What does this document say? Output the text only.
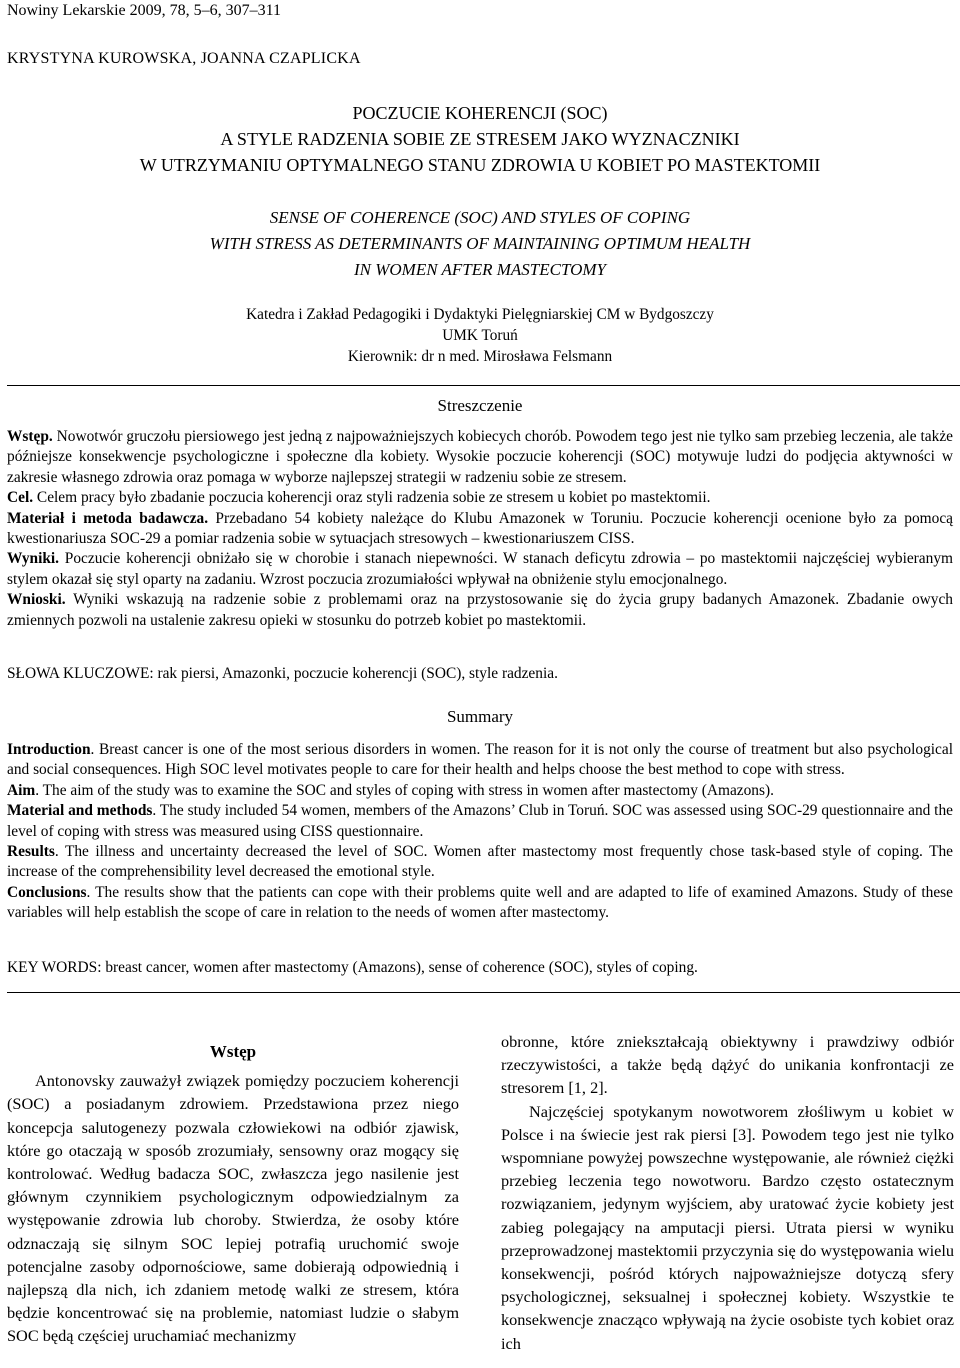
Nowiny Lekarskie 2009, 78, 5–6, 307–311
KRYSTYNA KUROWSKA, JOANNA CZAPLICKA
POCZUCIE KOHERENCJI (SOC)
A STYLE RADZENIA SOBIE ZE STRESEM JAKO WYZNACZNIKI
W UTRZYMANIU OPTYMALNEGO STANU ZDROWIA U KOBIET PO MASTEKTOMII
SENSE OF COHERENCE (SOC) AND STYLES OF COPING
WITH STRESS AS DETERMINANTS OF MAINTAINING OPTIMUM HEALTH
IN WOMEN AFTER MASTECTOMY
Katedra i Zakład Pedagogiki i Dydaktyki Pielęgniarskiej CM w Bydgoszczy
UMK Toruń
Kierownik: dr n med. Mirosława Felsmann
Streszczenie

Wstęp. Nowotwór gruczołu piersiowego jest jedną z najpoważniejszych kobiecych chorób. Powodem tego jest nie tylko sam przebieg leczenia, ale także późniejsze konsekwencje psychologiczne i społeczne dla kobiety. Wysokie poczucie koherencji (SOC) motywuje ludzi do podjęcia aktywności w zakresie własnego zdrowia oraz pomaga w wyborze najlepszej strategii w radzeniu sobie ze stresem.

Cel. Celem pracy było zbadanie poczucia koherencji oraz styli radzenia sobie ze stresem u kobiet po mastektomii.

Materiał i metoda badawcza. Przebadano 54 kobiety należące do Klubu Amazonek w Toruniu. Poczucie koherencji ocenione było za pomocą kwestionariusza SOC-29 a pomiar radzenia sobie w sytuacjach stresowych – kwestionariuszem CISS.

Wyniki. Poczucie koherencji obniżało się w chorobie i stanach niepewności. W stanach deficytu zdrowia – po mastektomii najczęściej wybieranym stylem okazał się styl oparty na zadaniu. Wzrost poczucia zrozumiałości wpływał na obniżenie stylu emocjonalnego.

Wnioski. Wyniki wskazują na radzenie sobie z problemami oraz na przystosowanie się do życia grupy badanych Amazonek. Zbadanie owych zmiennych pozwoli na ustalenie zakresu opieki w stosunku do potrzeb kobiet po mastektomii.

SŁOWA KLUCZOWE: rak piersi, Amazonki, poczucie koherencji (SOC), style radzenia.
Summary

Introduction. Breast cancer is one of the most serious disorders in women. The reason for it is not only the course of treatment but also psychological and social consequences. High SOC level motivates people to care for their health and helps choose the best method to cope with stress.

Aim. The aim of the study was to examine the SOC and styles of coping with stress in women after mastectomy (Amazons).

Material and methods. The study included 54 women, members of the Amazons’ Club in Toruń. SOC was assessed using SOC-29 questionnaire and the level of coping with stress was measured using CISS questionnaire.

Results. The illness and uncertainty decreased the level of SOC. Women after mastectomy most frequently chose task-based style of coping. The increase of the comprehensibility level decreased the emotional style.

Conclusions. The results show that the patients can cope with their problems quite well and are adapted to life of examined Amazons. Study of these variables will help establish the scope of care in relation to the needs of women after mastectomy.

KEY WORDS: breast cancer, women after mastectomy (Amazons), sense of coherence (SOC), styles of coping.
Wstęp

Antonovsky zauważył związek pomiędzy poczuciem koherencji (SOC) a posiadanym zdrowiem. Przedstawiona przez niego koncepcja salutogenezy pozwala człowiekowi na odbiór zjawisk, które go otaczają w sposób zrozumiały, sensowny oraz mogący się kontrolować. Według badacza SOC, zwłaszcza jego nasilenie jest głównym czynnikiem psychologicznym odpowiedzialnym za występowanie zdrowia lub choroby. Stwierdza, że osoby które odznaczają się silnym SOC lepiej potrafią uruchomić swoje potencjalne zasoby odpornościowe, same dobierają odpowiednią i najlepszą dla nich, ich zdaniem metodę walki ze stresem, która będzie koncentrować się na problemie, natomiast ludzie o słabym SOC będą częściej uruchamiać mechanizmy

obronne, które zniekształcają obiektywny i prawdziwy odbiór rzeczywistości, a także będą dążyć do unikania konfrontacji ze stresorem [1, 2].

Najczęściej spotykanym nowotworem złośliwym u kobiet w Polsce i na świecie jest rak piersi [3]. Powodem tego jest nie tylko wspomniane powyżej powszechne występowanie, ale również ciężki przebieg leczenia tego nowotworu. Bardzo często ostatecznym rozwiązaniem, jedynym wyjściem, aby uratować życie kobiety jest zabieg polegający na amputacji piersi. Utrata piersi w wyniku przeprowadzonej mastektomii przyczynia się do występowania wielu konsekwencji, pośród których najpoważniejsze dotyczą sfery psychologicznej, seksualnej i społecznej kobiety. Wszystkie te konsekwencje znacząco wpływają na życie osobiste tych kobiet oraz ich
